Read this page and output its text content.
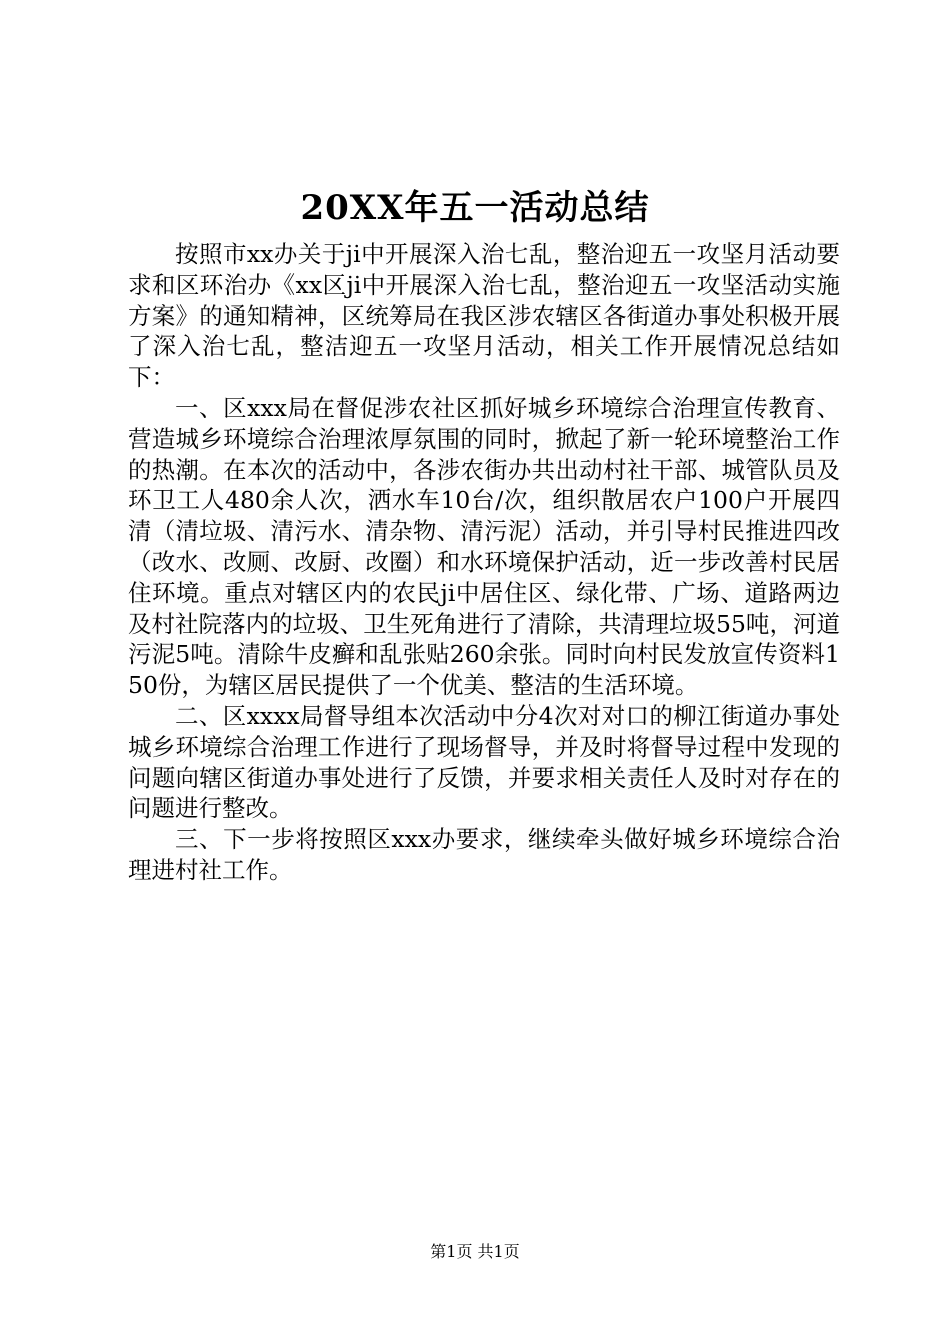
20XX年五一活动总结

按照市xx办关于ji中开展深入治七乱，整治迎五一攻坚月活动要求和区环治办《xx区ji中开展深入治七乱，整治迎五一攻坚活动实施方案》的通知精神，区统筹局在我区涉农辖区各街道办事处积极开展了深入治七乱，整洁迎五一攻坚月活动，相关工作开展情况总结如下：

一、区xxx局在督促涉农社区抓好城乡环境综合治理宣传教育、营造城乡环境综合治理浓厚氛围的同时，掀起了新一轮环境整治工作的热潮。在本次的活动中，各涉农街办共出动村社干部、城管队员及环卫工人480余人次，洒水车10台/次，组织散居农户100户开展四清（清垃圾、清污水、清杂物、清污泥）活动，并引导村民推进四改（改水、改厕、改厨、改圈）和水环境保护活动，近一步改善村民居住环境。重点对辖区内的农民ji中居住区、绿化带、广场、道路两边及村社院落内的垃圾、卫生死角进行了清除，共清理垃圾55吨，河道污泥5吨。清除牛皮癣和乱张贴260余张。同时向村民发放宣传资料150份，为辖区居民提供了一个优美、整洁的生活环境。

二、区xxxx局督导组本次活动中分4次对对口的柳江街道办事处城乡环境综合治理工作进行了现场督导，并及时将督导过程中发现的问题向辖区街道办事处进行了反馈，并要求相关责任人及时对存在的问题进行整改。

三、下一步将按照区xxx办要求，继续牵头做好城乡环境综合治理进村社工作。

第1页 共1页
